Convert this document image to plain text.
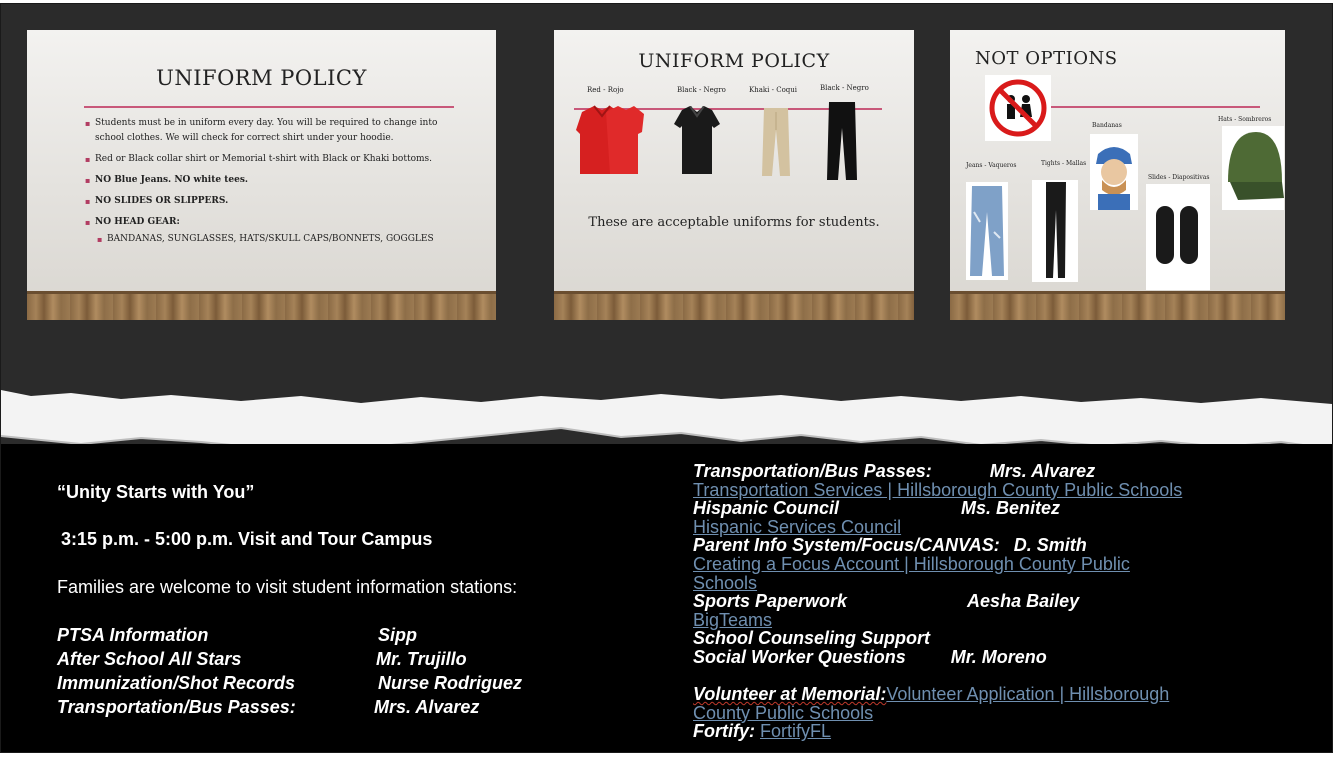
UNIFORM POLICY
▪ Students must be in uniform every day. You will be required to change into school clothes. We will check for correct shirt under your hoodie.
▪ Red or Black collar shirt or Memorial t-shirt with Black or Khaki bottoms.
▪ NO Blue Jeans. NO white tees.
▪ NO SLIDES OR SLIPPERS.
▪ NO HEAD GEAR:
▪ BANDANAS, SUNGLASSES, HATS/SKULL CAPS/BONNETS, GOGGLES
UNIFORM POLICY
Red - Rojo	Black - Negro	Khaki - Coqui	Black - Negro
These are acceptable uniforms for students.
NOT OPTIONS
Jeans - Vaqueros	Tights - Mallas
Bandanas
Slides - Diapositivas
Hats - Sombreros
“Unity Starts with You”
3:15 p.m. - 5:00 p.m. Visit and Tour Campus
Families are welcome to visit student information stations:
PTSA Information	Sipp
After School All Stars	Mr. Trujillo
Immunization/Shot Records	Nurse Rodriguez
Transportation/Bus Passes:	Mrs. Alvarez
Transportation/Bus Passes:	Mrs. Alvarez
Transportation Services | Hillsborough County Public Schools
Hispanic Council	Ms. Benitez
Hispanic Services Council
Parent Info System/Focus/CANVAS: D. Smith
Creating a Focus Account | Hillsborough County Public
Schools
Sports Paperwork	Aesha Bailey
BigTeams
School Counseling Support
Social Worker Questions	Mr. Moreno
Volunteer at Memorial:Volunteer Application | Hillsborough
County Public Schools
Fortify: FortifyFL
